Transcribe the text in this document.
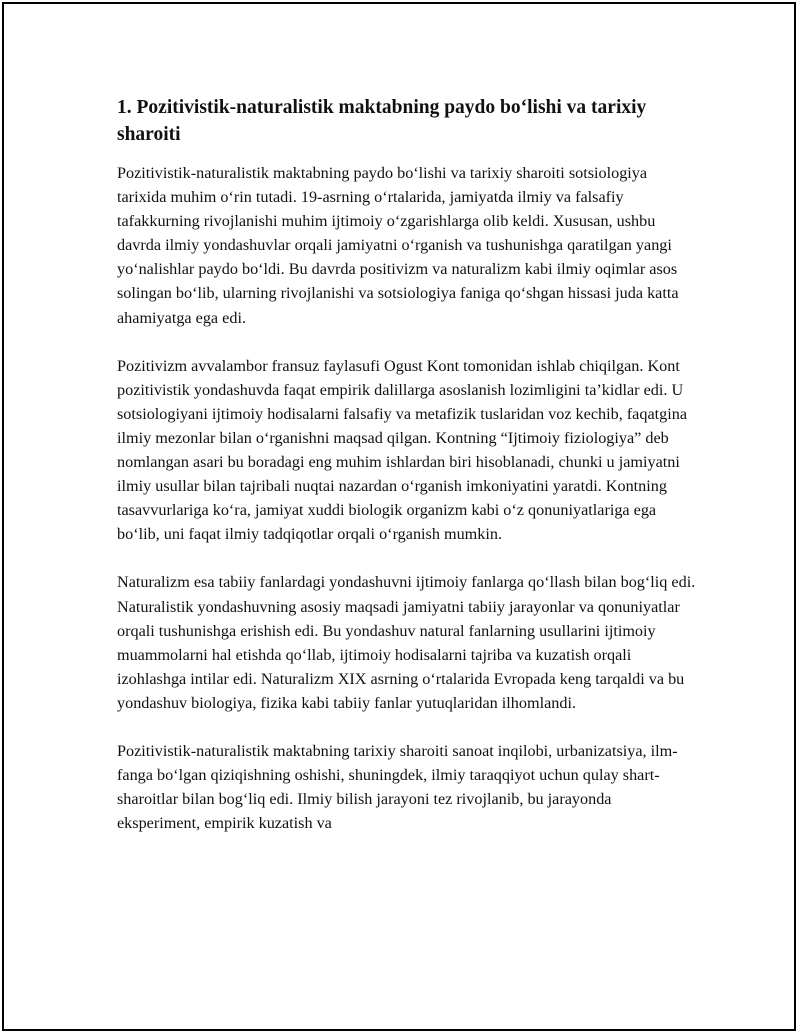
1. Pozitivistik-naturalistik maktabning paydo bo‘lishi va tarixiy sharoiti

Pozitivistik-naturalistik maktabning paydo bo‘lishi va tarixiy sharoiti sotsiologiya tarixida muhim o‘rin tutadi. 19-asrning o‘rtalarida, jamiyatda ilmiy va falsafiy tafakkurning rivojlanishi muhim ijtimoiy o‘zgarishlarga olib keldi. Xususan, ushbu davrda ilmiy yondashuvlar orqali jamiyatni o‘rganish va tushunishga qaratilgan yangi yo‘nalishlar paydo bo‘ldi. Bu davrda positivizm va naturalizm kabi ilmiy oqimlar asos solingan bo‘lib, ularning rivojlanishi va sotsiologiya faniga qo‘shgan hissasi juda katta ahamiyatga ega edi.

Pozitivizm avvalambor fransuz faylasufi Ogust Kont tomonidan ishlab chiqilgan. Kont pozitivistik yondashuvda faqat empirik dalillarga asoslanish lozimligini ta’kidlar edi. U sotsiologiyani ijtimoiy hodisalarni falsafiy va metafizik tuslaridan voz kechib, faqatgina ilmiy mezonlar bilan o‘rganishni maqsad qilgan. Kontning “Ijtimoiy fiziologiya” deb nomlangan asari bu boradagi eng muhim ishlardan biri hisoblanadi, chunki u jamiyatni ilmiy usullar bilan tajribali nuqtai nazardan o‘rganish imkoniyatini yaratdi. Kontning tasavvurlariga ko‘ra, jamiyat xuddi biologik organizm kabi o‘z qonuniyatlariga ega bo‘lib, uni faqat ilmiy tadqiqotlar orqali o‘rganish mumkin.

Naturalizm esa tabiiy fanlardagi yondashuvni ijtimoiy fanlarga qo‘llash bilan bog‘liq edi. Naturalistik yondashuvning asosiy maqsadi jamiyatni tabiiy jarayonlar va qonuniyatlar orqali tushunishga erishish edi. Bu yondashuv natural fanlarning usullarini ijtimoiy muammolarni hal etishda qo‘llab, ijtimoiy hodisalarni tajriba va kuzatish orqali izohlashga intilar edi. Naturalizm XIX asrning o‘rtalarida Evropada keng tarqaldi va bu yondashuv biologiya, fizika kabi tabiiy fanlar yutuqlaridan ilhomlandi.

Pozitivistik-naturalistik maktabning tarixiy sharoiti sanoat inqilobi, urbanizatsiya, ilm-fanga bo‘lgan qiziqishning oshishi, shuningdek, ilmiy taraqqiyot uchun qulay shart-sharoitlar bilan bog‘liq edi. Ilmiy bilish jarayoni tez rivojlanib, bu jarayonda eksperiment, empirik kuzatish va
